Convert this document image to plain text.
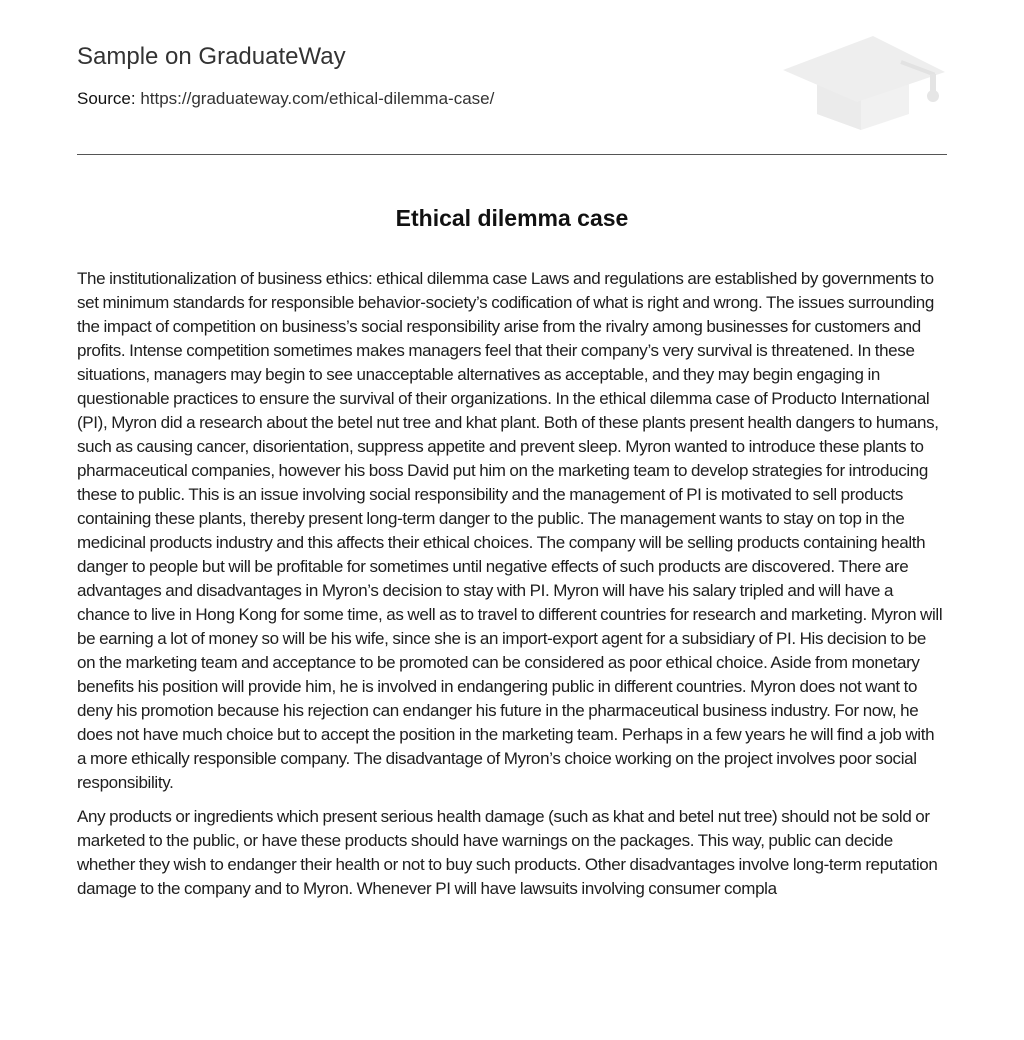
Sample on GraduateWay
Source: https://graduateway.com/ethical-dilemma-case/
Ethical dilemma case

The institutionalization of business ethics: ethical dilemma case Laws and regulations are established by governments to set minimum standards for responsible behavior-society’s codification of what is right and wrong. The issues surrounding the impact of competition on business’s social responsibility arise from the rivalry among businesses for customers and profits. Intense competition sometimes makes managers feel that their company’s very survival is threatened. In these situations, managers may begin to see unacceptable alternatives as acceptable, and they may begin engaging in questionable practices to ensure the survival of their organizations. In the ethical dilemma case of Producto International (PI), Myron did a research about the betel nut tree and khat plant. Both of these plants present health dangers to humans, such as causing cancer, disorientation, suppress appetite and prevent sleep. Myron wanted to introduce these plants to pharmaceutical companies, however his boss David put him on the marketing team to develop strategies for introducing these to public. This is an issue involving social responsibility and the management of PI is motivated to sell products containing these plants, thereby present long-term danger to the public. The management wants to stay on top in the medicinal products industry and this affects their ethical choices. The company will be selling products containing health danger to people but will be profitable for sometimes until negative effects of such products are discovered. There are advantages and disadvantages in Myron’s decision to stay with PI. Myron will have his salary tripled and will have a chance to live in Hong Kong for some time, as well as to travel to different countries for research and marketing. Myron will be earning a lot of money so will be his wife, since she is an import-export agent for a subsidiary of PI. His decision to be on the marketing team and acceptance to be promoted can be considered as poor ethical choice. Aside from monetary benefits his position will provide him, he is involved in endangering public in different countries. Myron does not want to deny his promotion because his rejection can endanger his future in the pharmaceutical business industry. For now, he does not have much choice but to accept the position in the marketing team. Perhaps in a few years he will find a job with a more ethically responsible company. The disadvantage of Myron’s choice working on the project involves poor social responsibility.

Any products or ingredients which present serious health damage (such as khat and betel nut tree) should not be sold or marketed to the public, or have these products should have warnings on the packages. This way, public can decide whether they wish to endanger their health or not to buy such products. Other disadvantages involve long-term reputation damage to the company and to Myron. Whenever PI will have lawsuits involving consumer compla
